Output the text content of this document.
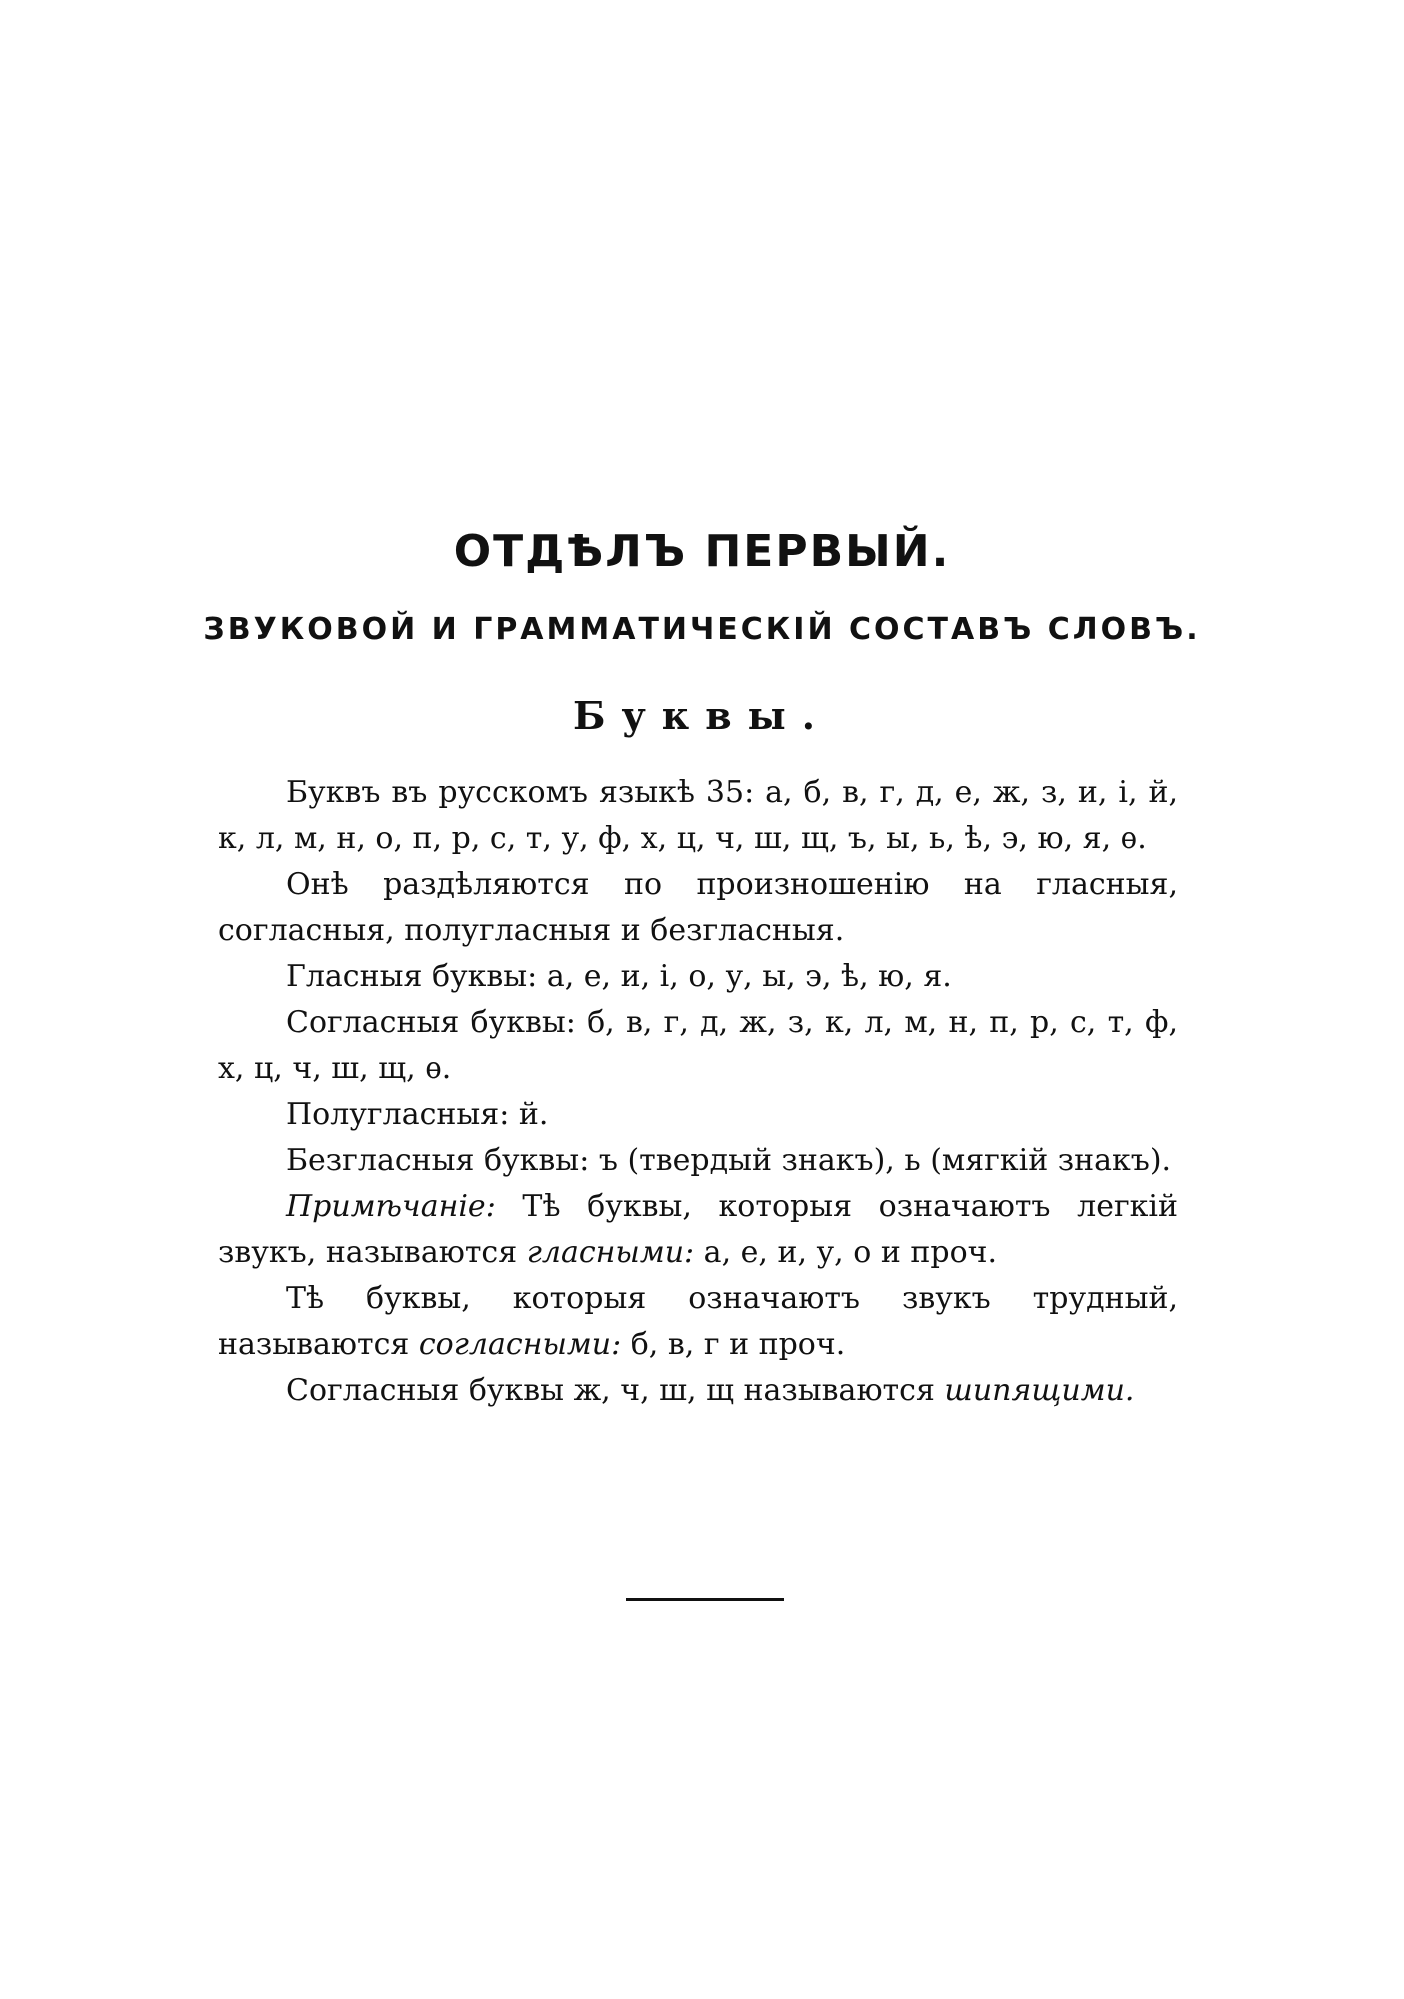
ОТДѢЛЪ ПЕРВЫЙ.
ЗВУКОВОЙ И ГРАММАТИЧЕСКІЙ СОСТАВЪ СЛОВЪ.
Буквы.

Буквъ въ русскомъ языкѣ 35: а, б, в, г, д, е, ж, з, и, і, й, к, л, м, н, о, п, р, с, т, у, ф, х, ц, ч, ш, щ, ъ, ы, ь, ѣ, э, ю, я, ѳ.

Онѣ раздѣляются по произношенію на гласныя, согласныя, полугласныя и безгласныя.

Гласныя буквы: а, е, и, і, о, у, ы, э, ѣ, ю, я.

Согласныя буквы: б, в, г, д, ж, з, к, л, м, н, п, р, с, т, ф, х, ц, ч, ш, щ, ѳ.

Полугласныя: й.

Безгласныя буквы: ъ (твердый знакъ), ь (мягкій знакъ).

Примѣчаніе: Тѣ буквы, которыя означаютъ легкій звукъ, называются гласными: а, е, и, у, о и проч.

Тѣ буквы, которыя означаютъ звукъ трудный, называются согласными: б, в, г и проч.

Согласныя буквы ж, ч, ш, щ называются шипящими.
